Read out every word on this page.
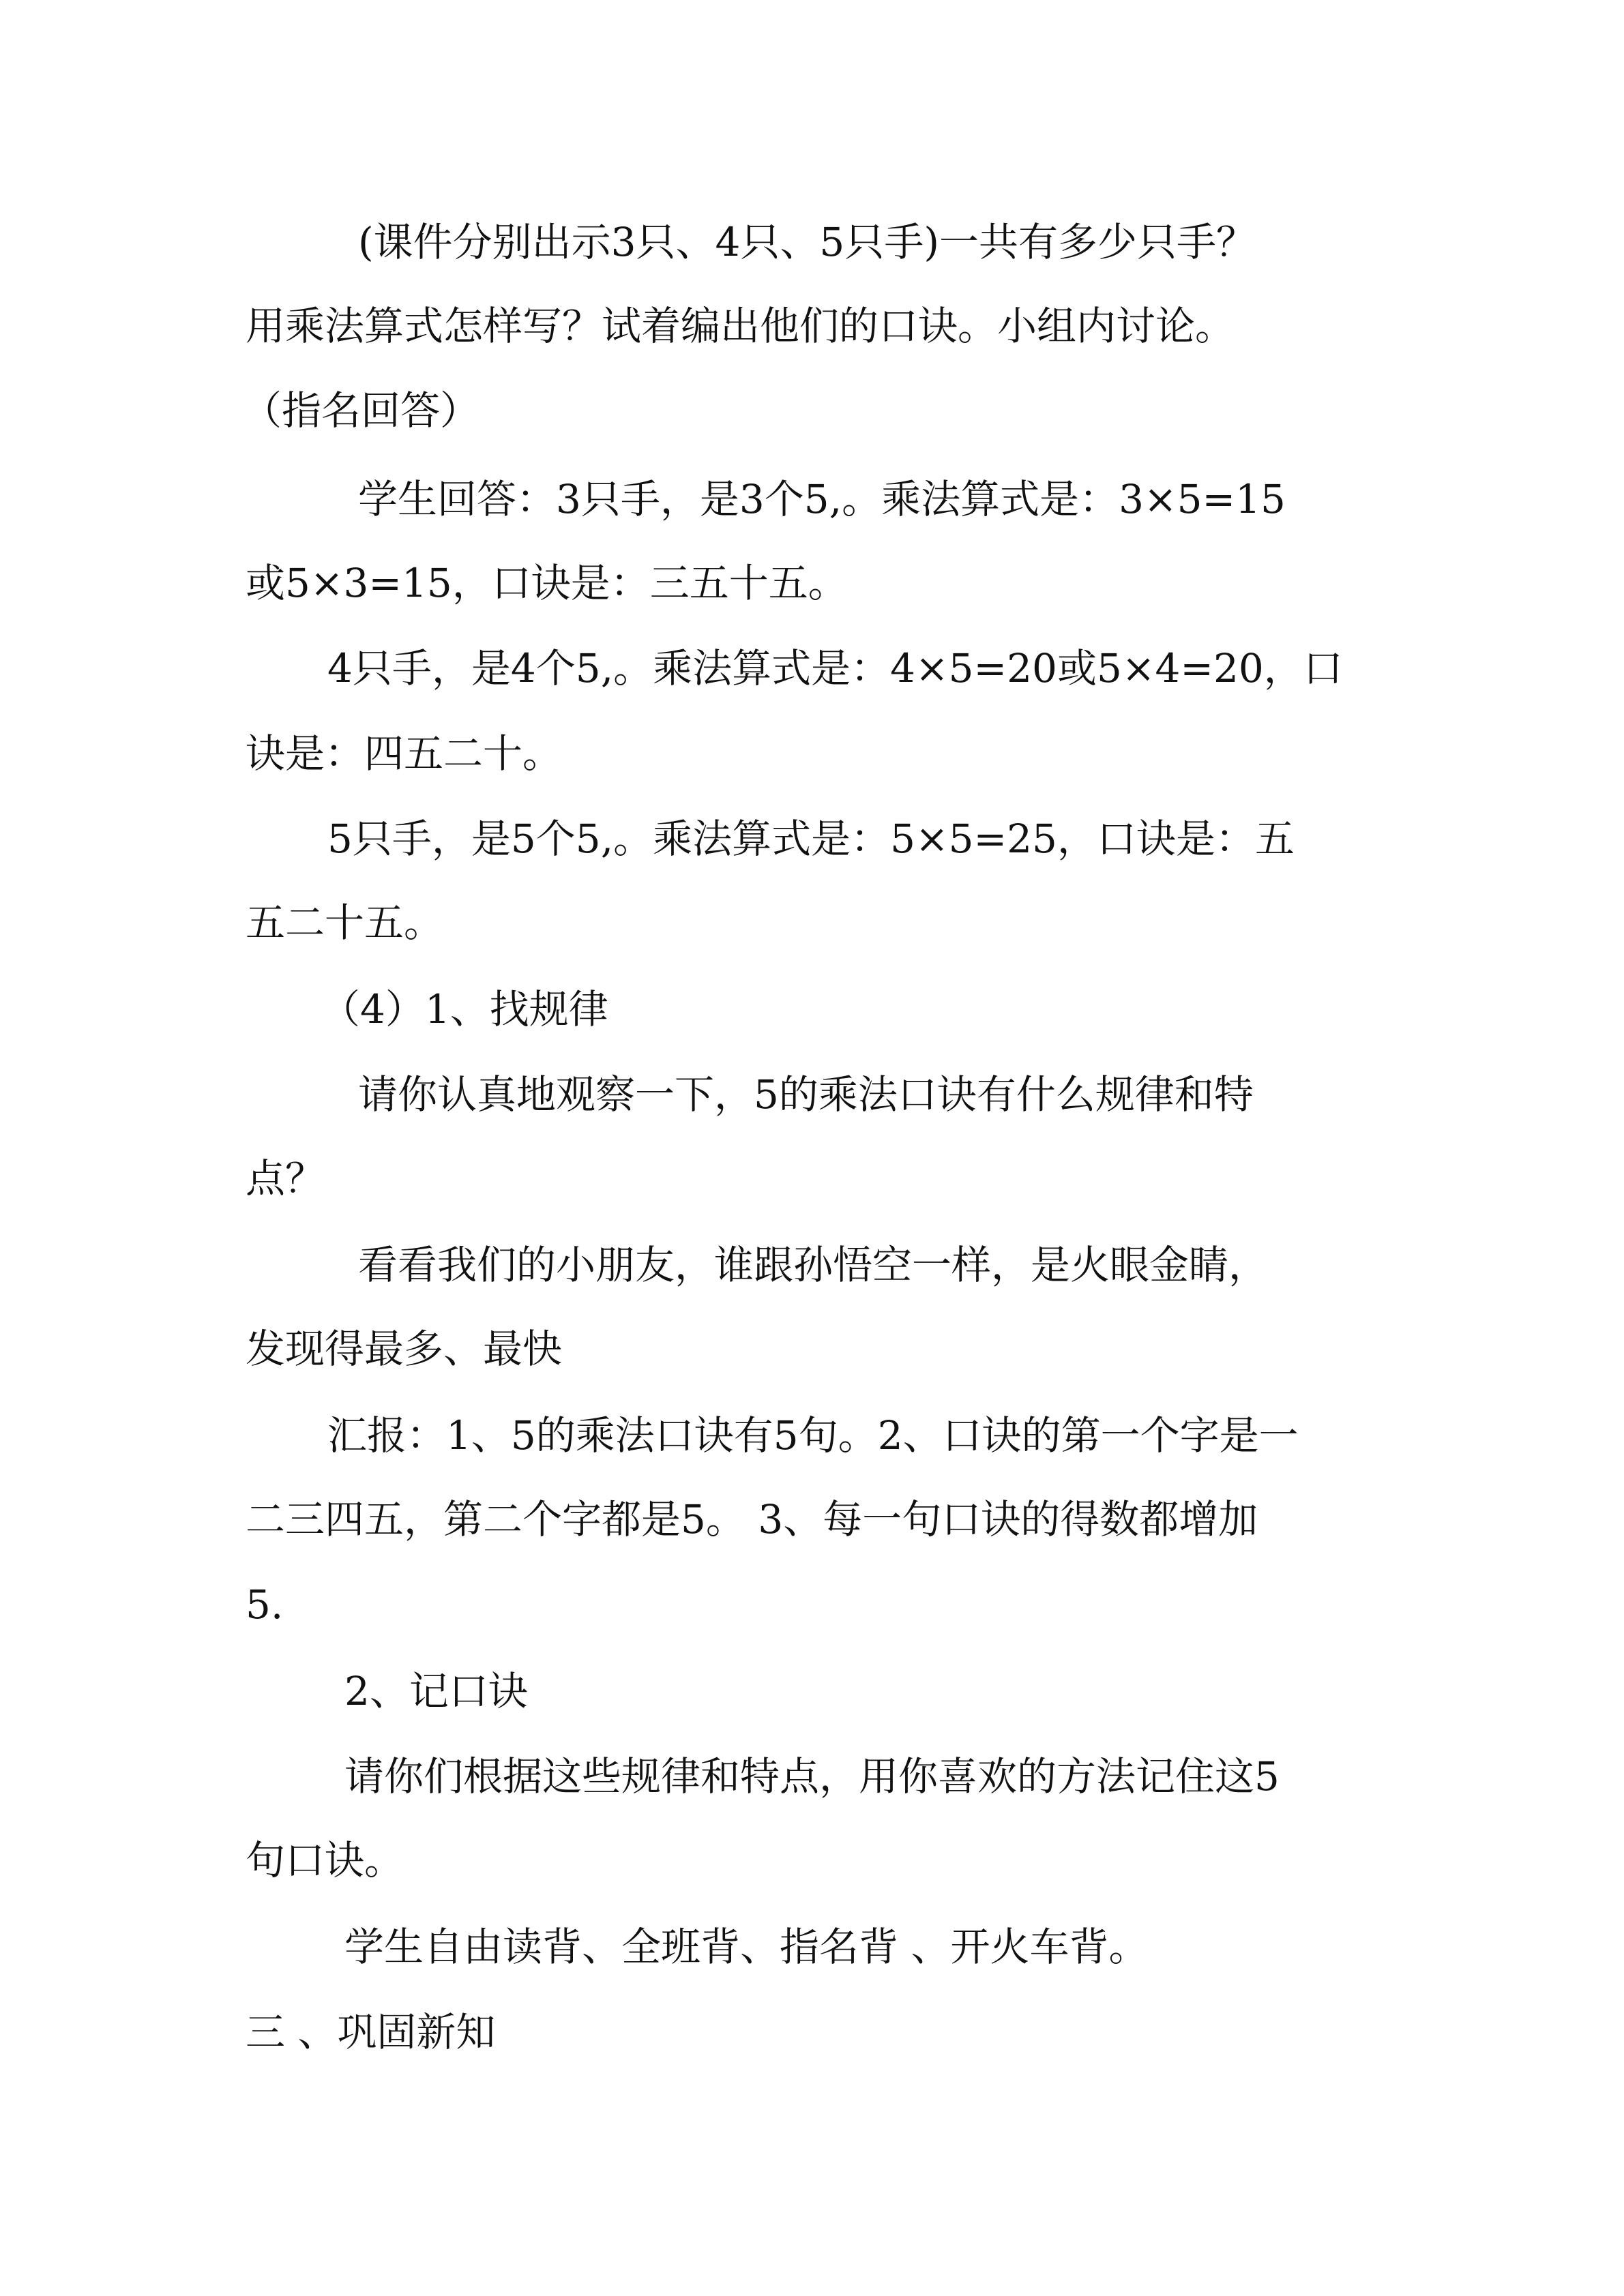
(课件分别出示3只、4只、5只手)一共有多少只手？
用乘法算式怎样写？试着编出他们的口诀。小组内讨论。
（指名回答）
学生回答：3只手，是3个5,。乘法算式是：3×5=15
或5×3=15，口诀是：三五十五。
4只手，是4个5,。乘法算式是：4×5=20或5×4=20，口
诀是：四五二十。
5只手，是5个5,。乘法算式是：5×5=25，口诀是：五
五二十五。
（4）1、找规律
请你认真地观察一下，5的乘法口诀有什么规律和特
点？
看看我们的小朋友，谁跟孙悟空一样，是火眼金睛，
发现得最多、最快
汇报：1、5的乘法口诀有5句。2、口诀的第一个字是一
二三四五，第二个字都是5。 3、每一句口诀的得数都增加
5.
2、记口诀
请你们根据这些规律和特点，用你喜欢的方法记住这5
句口诀。
学生自由读背、全班背、指名背 、开火车背。
三 、巩固新知
